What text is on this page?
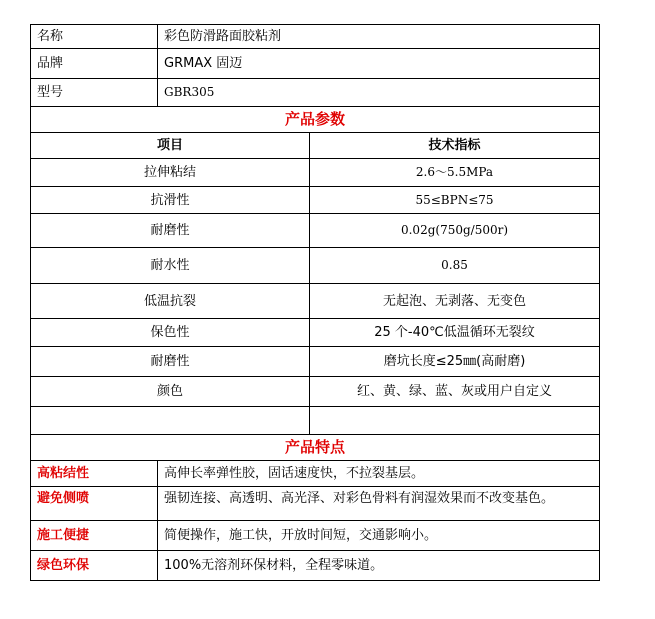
名称	彩色防滑路面胶粘剂
品牌	GRMAX 固迈
型号	GBR305
产品参数	
项目	技术指标
拉伸粘结	2.6～5.5MPa
抗滑性	55≤BPN≤75
耐磨性	0.02g(750g/500r)
耐水性	0.85
低温抗裂	无起泡、无剥落、无变色
保色性	25 个-40℃低温循环无裂纹
耐磨性	磨坑长度≤25㎜(高耐磨)
颜色	红、黄、绿、蓝、灰或用户自定义

产品特点	
高粘结性	高伸长率弹性胶，固话速度快，不拉裂基层。
避免侧喷	强韧连接、高透明、高光泽、对彩色骨料有润湿效果而不改变基色。
施工便捷	简便操作，施工快，开放时间短，交通影响小。
绿色环保	100%无溶剂环保材料，全程零味道。
